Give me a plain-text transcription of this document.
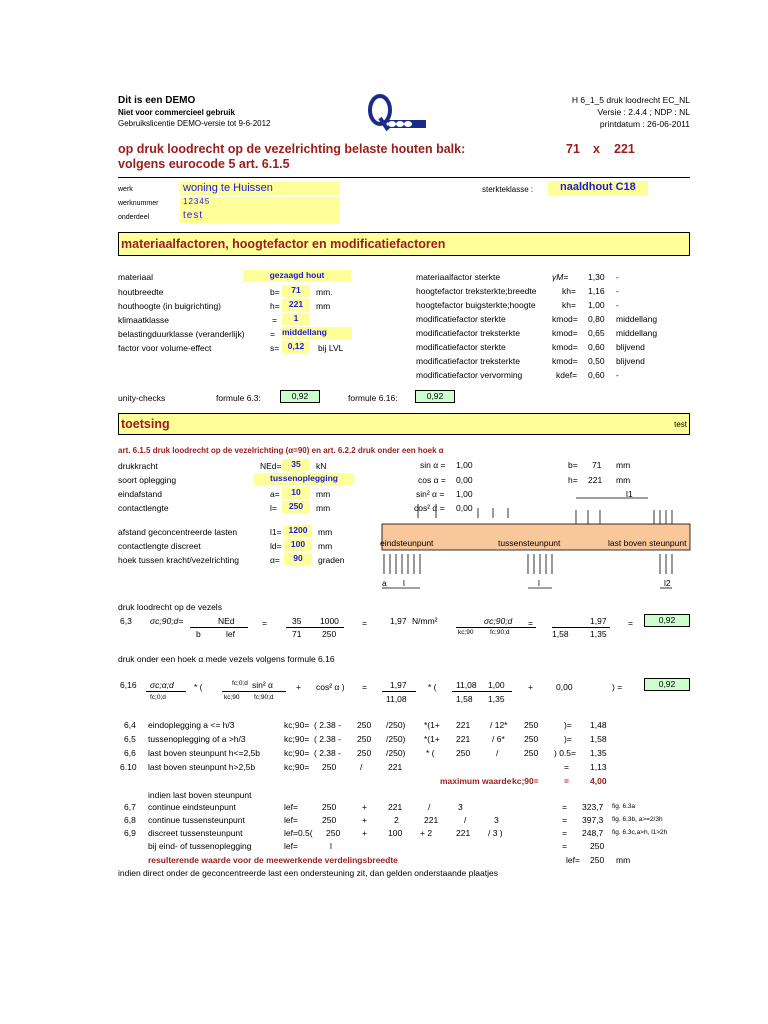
Dit is een DEMO
Niet voor commercieel gebruik
Gebruikslicentie DEMO-versie tot 9-6-2012
H 6_1_5 druk loodrecht EC_NL
Versie : 2.4.4 ; NDP : NL
printdatum : 26-06-2011
op druk loodrecht op de vezelrichting belaste houten balk:
volgens eurocode 5 art. 6.1.5
71 x 221
werk	woning te Huissen
werknummer	12345
onderdeel	test
sterkteklasse :	naaldhout C18
materiaalfactoren, hoogtefactor en modificatiefactoren
materiaal	gezaagd hout
houtbreedte	b=	71	mm.
houthoogte (in buigrichting)	h=	221	mm
klimaatklasse	=	1
belastingduurklasse (veranderlijk)	= middellang
factor voor volume-effect	s=	0,12	bij LVL
materiaalfactor sterkte	γM= 1,30 -
hoogtefactor treksterkte;breedte	kh= 1,16 -
hoogtefactor buigsterkte;hoogte	kh= 1,00 -
modificatiefactor sterkte	kmod= 0,80 middellang
modificatiefactor treksterkte	kmod= 0,65 middellang
modificatiefactor sterkte	kmod= 0,60 blijvend
modificatiefactor treksterkte	kmod= 0,50 blijvend
modificatiefactor vervorming	kdef= 0,60 -
unity-checks	formule 6.3:	0,92	formule 6.16:	0,92
toetsing	test
art. 6.1.5 druk loodrecht op de vezelrichting (α=90) en art. 6.2.2 druk onder een hoek α
drukkracht	NEd=	35	kN
soort oplegging	tussenoplegging
eindafstand	a=	10	mm
contactlengte	l=	250	mm
sin α = 1,00
cos α = 0,00
sin² α = 1,00
cos² α = 0,00
b= 71 mm
h= 221 mm
l1
afstand geconcentreerde lasten	l1= 1200	mm
contactlengte discreet	ld=	100	mm
hoek tussen kracht/vezelrichting	α=	90	graden
eindsteunpunt	tussensteunpunt	last boven steunpunt
a l	l	l2
druk loodrecht op de vezels
6,3 σc;90;d=	NEd
b	lef
=	35 1000
71 250
=	1,97 N/mm²	σc;90;d
kc;90	fc;90;d
=	1,97
1,58	1,35
=	0,92
druk onder een hoek α mede vezels volgens formule 6.16
6,16 σc;α;d
fc;0;d
* (	fc;0;d sin² α
kc;90 fc;90;d
+ cos² α ) =	1,97
11,08
* ( 11,08 1,00
1,58 1,35
+	0,00	) =	0,92
6,4 eindoplegging a <= h/3	kc;90= ( 2.38 - 250 /250) *(1+ 221 / 12* 250	)= 1,48
6,5 tussenoplegging of a >h/3	kc;90= ( 2.38 - 250 /250) *(1+ 221	/ 6* 250	)= 1,58
6,6 last boven steunpunt h<=2,5b	kc;90= ( 2.38 - 250 /250) * (	250	/	250 ) 0.5= 1,35
6.10 last boven steunpunt h>2,5b	kc;90= 250	/	221	= 1,13
maximum waarde kc;90=	= 4,00
indien last boven steunpunt
6,7 continue eindsteunpunt	lef=	250	+ 221	/	3	= 323,7 fig. 6.3a
6,8 continue tussensteunpunt	lef=	250	+	2	221	/	3	= 397,3 fig. 6.3b, a>=2/3h
6,9 discreet tussensteunpunt	lef=0.5( 250	+ 100 + 2	221 / 3 )	= 248,7 fig. 6.3c,a>h, l1>2h
bij eind- of tussenoplegging	lef=	l	=	250
resulterende waarde voor de meewerkende verdelingsbreedte	lef= 250 mm
indien direct onder de geconcentreerde last een ondersteuning zit, dan gelden onderstaande plaatjes
